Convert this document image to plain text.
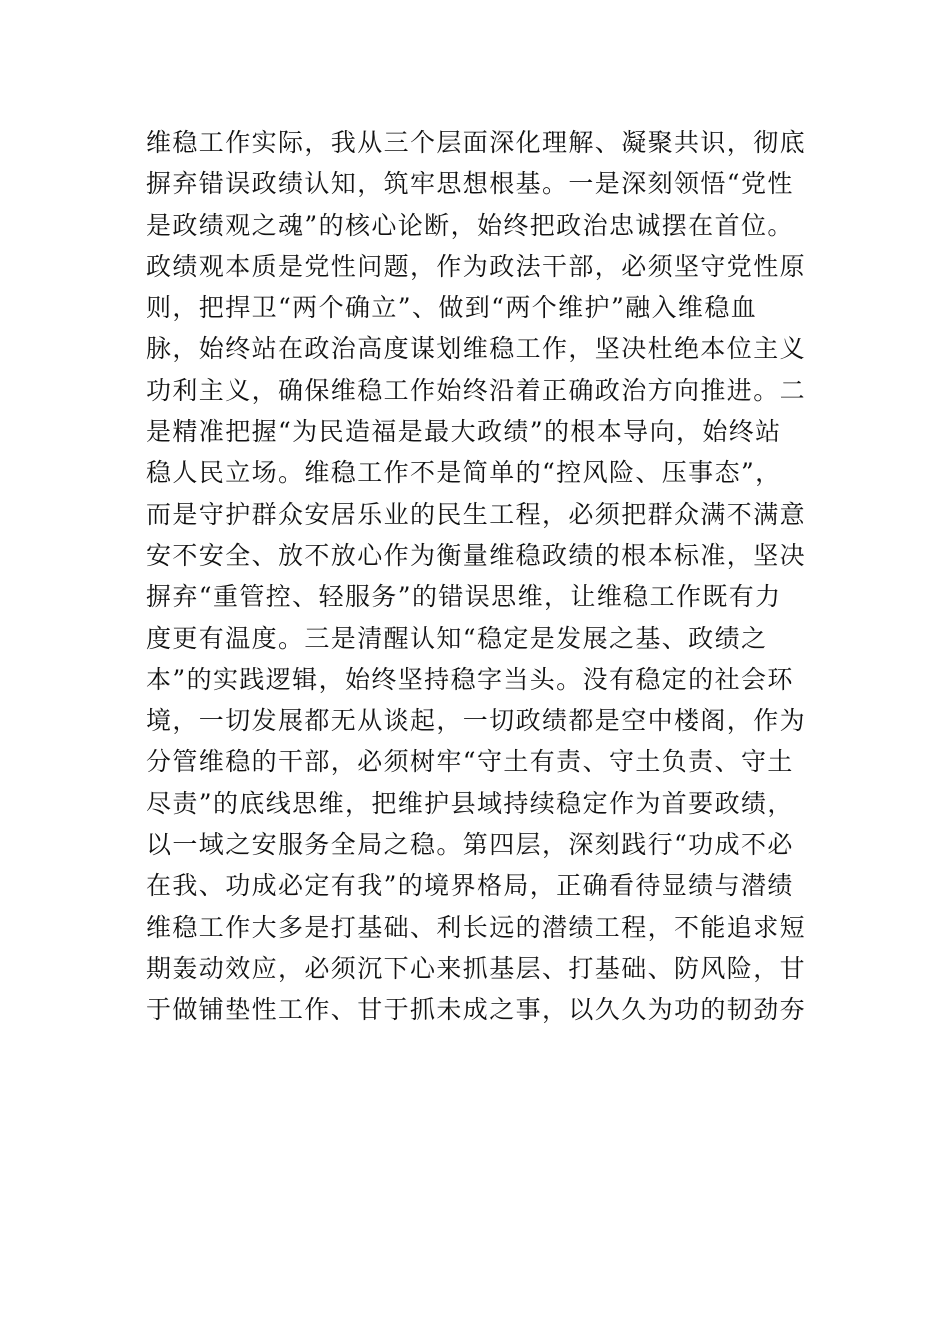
维稳工作实际，我从三个层面深化理解、凝聚共识，彻底
摒弃错误政绩认知，筑牢思想根基。一是深刻领悟“党性
是政绩观之魂”的核心论断，始终把政治忠诚摆在首位。
政绩观本质是党性问题，作为政法干部，必须坚守党性原
则，把捍卫“两个确立”、做到“两个维护”融入维稳血
脉，始终站在政治高度谋划维稳工作，坚决杜绝本位主义
功利主义，确保维稳工作始终沿着正确政治方向推进。二
是精准把握“为民造福是最大政绩”的根本导向，始终站
稳人民立场。维稳工作不是简单的“控风险、压事态”，
而是守护群众安居乐业的民生工程，必须把群众满不满意
安不安全、放不放心作为衡量维稳政绩的根本标准，坚决
摒弃“重管控、轻服务”的错误思维，让维稳工作既有力
度更有温度。三是清醒认知“稳定是发展之基、政绩之
本”的实践逻辑，始终坚持稳字当头。没有稳定的社会环
境，一切发展都无从谈起，一切政绩都是空中楼阁，作为
分管维稳的干部，必须树牢“守土有责、守土负责、守土
尽责”的底线思维，把维护县域持续稳定作为首要政绩，
以一域之安服务全局之稳。第四层，深刻践行“功成不必
在我、功成必定有我”的境界格局，正确看待显绩与潜绩
维稳工作大多是打基础、利长远的潜绩工程，不能追求短
期轰动效应，必须沉下心来抓基层、打基础、防风险，甘
于做铺垫性工作、甘于抓未成之事，以久久为功的韧劲夯
